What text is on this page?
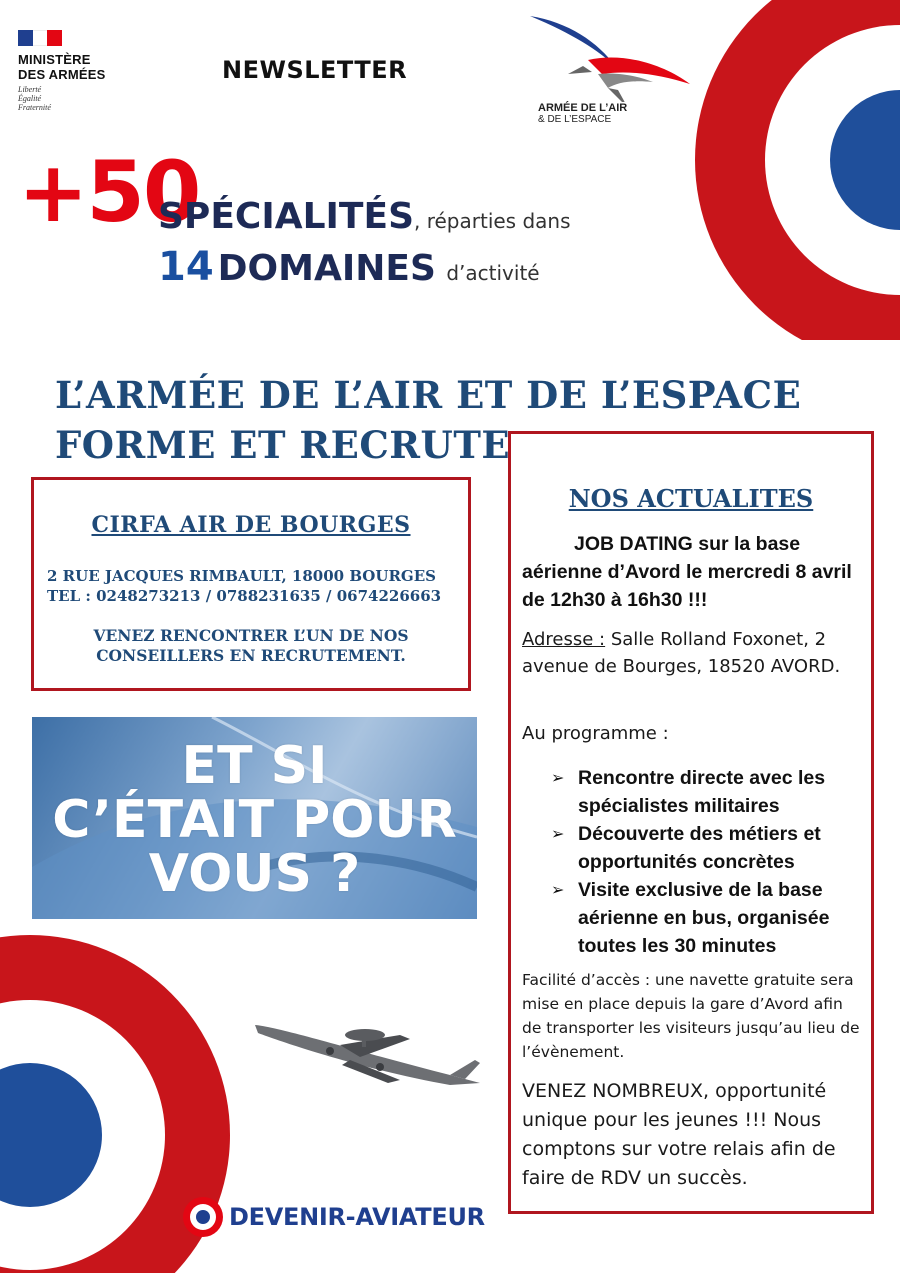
MINISTÈRE
DES ARMÉES
Liberté
Égalité
Fraternité
NEWSLETTER
ARMÉE DE L’AIR
& DE L’ESPACE
+50
SPÉCIALITÉS, réparties dans
14 DOMAINES d’activité
L’ARMÉE DE L’AIR ET DE L’ESPACE FORME ET RECRUTE
CIRFA AIR DE BOURGES
2 RUE JACQUES RIMBAULT, 18000 BOURGES
TEL : 0248273213 / 0788231635 / 0674226663
VENEZ RENCONTRER L’UN DE NOS CONSEILLERS EN RECRUTEMENT.
ET SI
C’ÉTAIT POUR
VOUS ?
NOS ACTUALITES
JOB DATING sur la base aérienne d’Avord le mercredi 8 avril de 12h30 à 16h30 !!!
Adresse : Salle Rolland Foxonet, 2 avenue de Bourges, 18520 AVORD.
Au programme :
➢ Rencontre directe avec les spécialistes militaires
➢ Découverte des métiers et opportunités concrètes
➢ Visite exclusive de la base aérienne en bus, organisée toutes les 30 minutes
Facilité d’accès : une navette gratuite sera mise en place depuis la gare d’Avord afin de transporter les visiteurs jusqu’au lieu de l’évènement.
VENEZ NOMBREUX, opportunité unique pour les jeunes !!! Nous comptons sur votre relais afin de faire de RDV un succès.
DEVENIR-AVIATEUR
